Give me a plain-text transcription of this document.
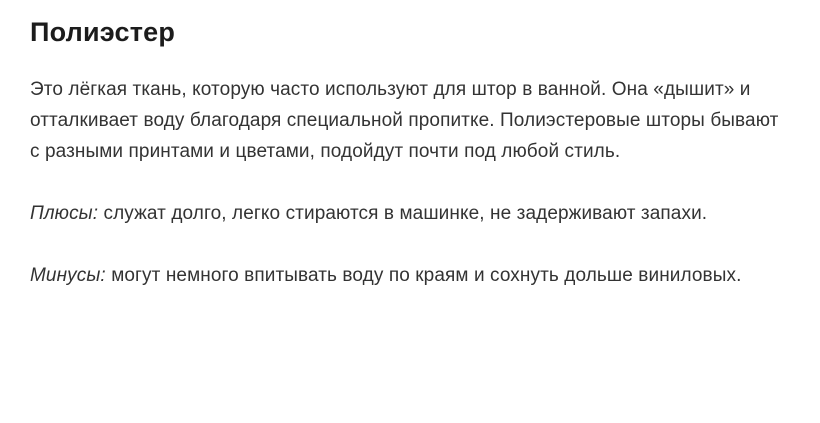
Полиэстер

Это лёгкая ткань, которую часто используют для штор в ванной. Она «дышит» и отталкивает воду благодаря специальной пропитке. Полиэстеровые шторы бывают с разными принтами и цветами, подойдут почти под любой стиль.

Плюсы: служат долго, легко стираются в машинке, не задерживают запахи.

Минусы: могут немного впитывать воду по краям и сохнуть дольше виниловых.
